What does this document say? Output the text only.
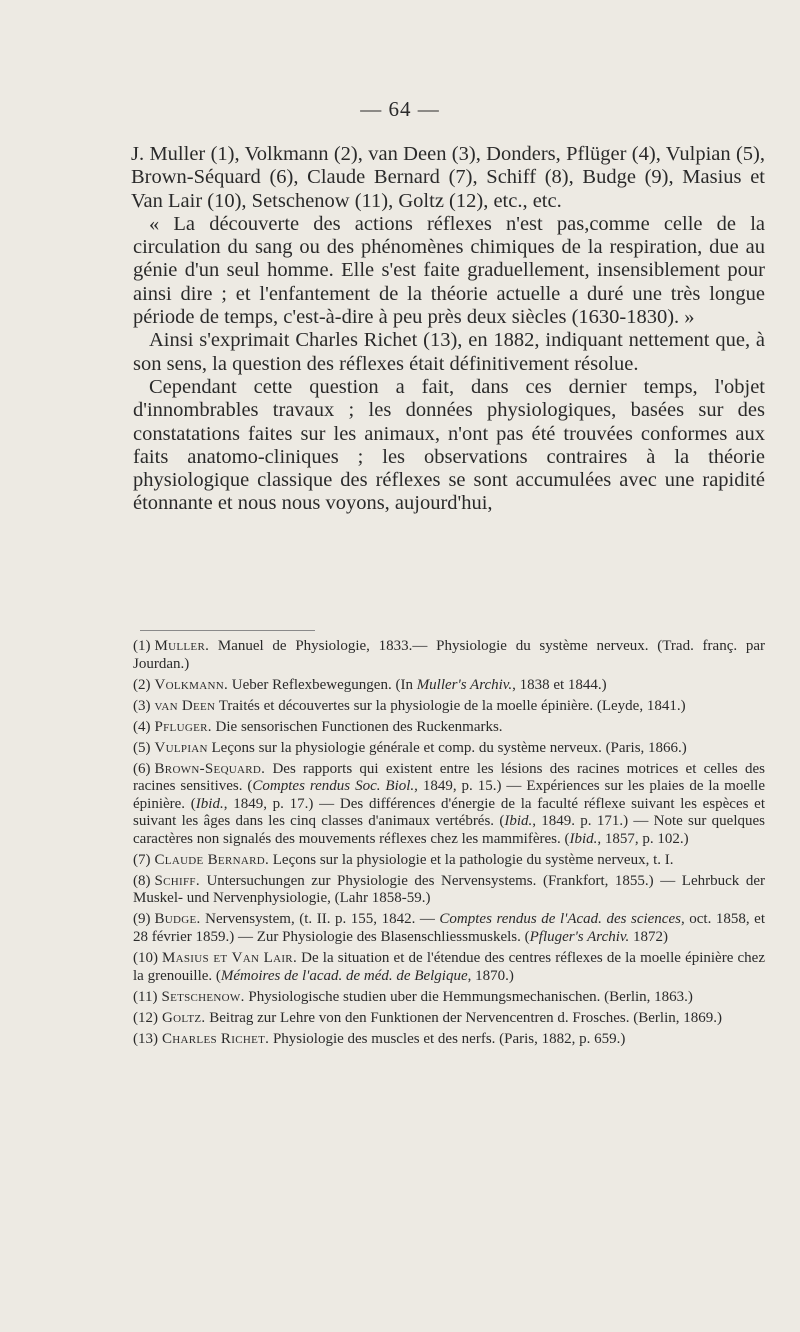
— 64 —

J. Muller (1), Volkmann (2), van Deen (3), Donders, Pflüger (4), Vulpian (5), Brown-Séquard (6), Claude Bernard (7), Schiff (8), Budge (9), Masius et Van Lair (10), Setschenow (11), Goltz (12), etc., etc.

« La découverte des actions réflexes n'est pas,comme celle de la circulation du sang ou des phénomènes chimiques de la respiration, due au génie d'un seul homme. Elle s'est faite graduellement, insensiblement pour ainsi dire ; et l'enfantement de la théorie actuelle a duré une très longue période de temps, c'est-à-dire à peu près deux siècles (1630-1830). »

Ainsi s'exprimait Charles Richet (13), en 1882, indiquant nettement que, à son sens, la question des réflexes était définitivement résolue.

Cependant cette question a fait, dans ces dernier temps, l'objet d'innombrables travaux ; les données physiologiques, basées sur des constatations faites sur les animaux, n'ont pas été trouvées conformes aux faits anatomo-cliniques ; les observations contraires à la théorie physiologique classique des réflexes se sont accumulées avec une rapidité étonnante et nous nous voyons, aujourd'hui,

(1) Muller. Manuel de Physiologie, 1833.— Physiologie du système nerveux. (Trad. franç. par Jourdan.)

(2) Volkmann. Ueber Reflexbewegungen. (In Muller's Archiv., 1838 et 1844.)

(3) van Deen Traités et découvertes sur la physiologie de la moelle épinière. (Leyde, 1841.)

(4) Pfluger. Die sensorischen Functionen des Ruckenmarks.

(5) Vulpian Leçons sur la physiologie générale et comp. du système nerveux. (Paris, 1866.)

(6) Brown-Sequard. Des rapports qui existent entre les lésions des racines motrices et celles des racines sensitives. (Comptes rendus Soc. Biol., 1849, p. 15.) — Expériences sur les plaies de la moelle épinière. (Ibid., 1849, p. 17.) — Des différences d'énergie de la faculté réflexe suivant les espèces et suivant les âges dans les cinq classes d'animaux vertébrés. (Ibid., 1849. p. 171.) — Note sur quelques caractères non signalés des mouvements réflexes chez les mammifères. (Ibid., 1857, p. 102.)

(7) Claude Bernard. Leçons sur la physiologie et la pathologie du système nerveux, t. I.

(8) Schiff. Untersuchungen zur Physiologie des Nervensystems. (Frankfort, 1855.) — Lehrbuck der Muskel- und Nervenphysiologie, (Lahr 1858-59.)

(9) Budge. Nervensystem, (t. II. p. 155, 1842. — Comptes rendus de l'Acad. des sciences, oct. 1858, et 28 février 1859.) — Zur Physiologie des Blasenschliessmuskels. (Pfluger's Archiv. 1872)

(10) Masius et Van Lair. De la situation et de l'étendue des centres réflexes de la moelle épinière chez la grenouille. (Mémoires de l'acad. de méd. de Belgique, 1870.)

(11) Setschenow. Physiologische studien uber die Hemmungsmechanischen. (Berlin, 1863.)

(12) Goltz. Beitrag zur Lehre von den Funktionen der Nervencentren d. Frosches. (Berlin, 1869.)

(13) Charles Richet. Physiologie des muscles et des nerfs. (Paris, 1882, p. 659.)
